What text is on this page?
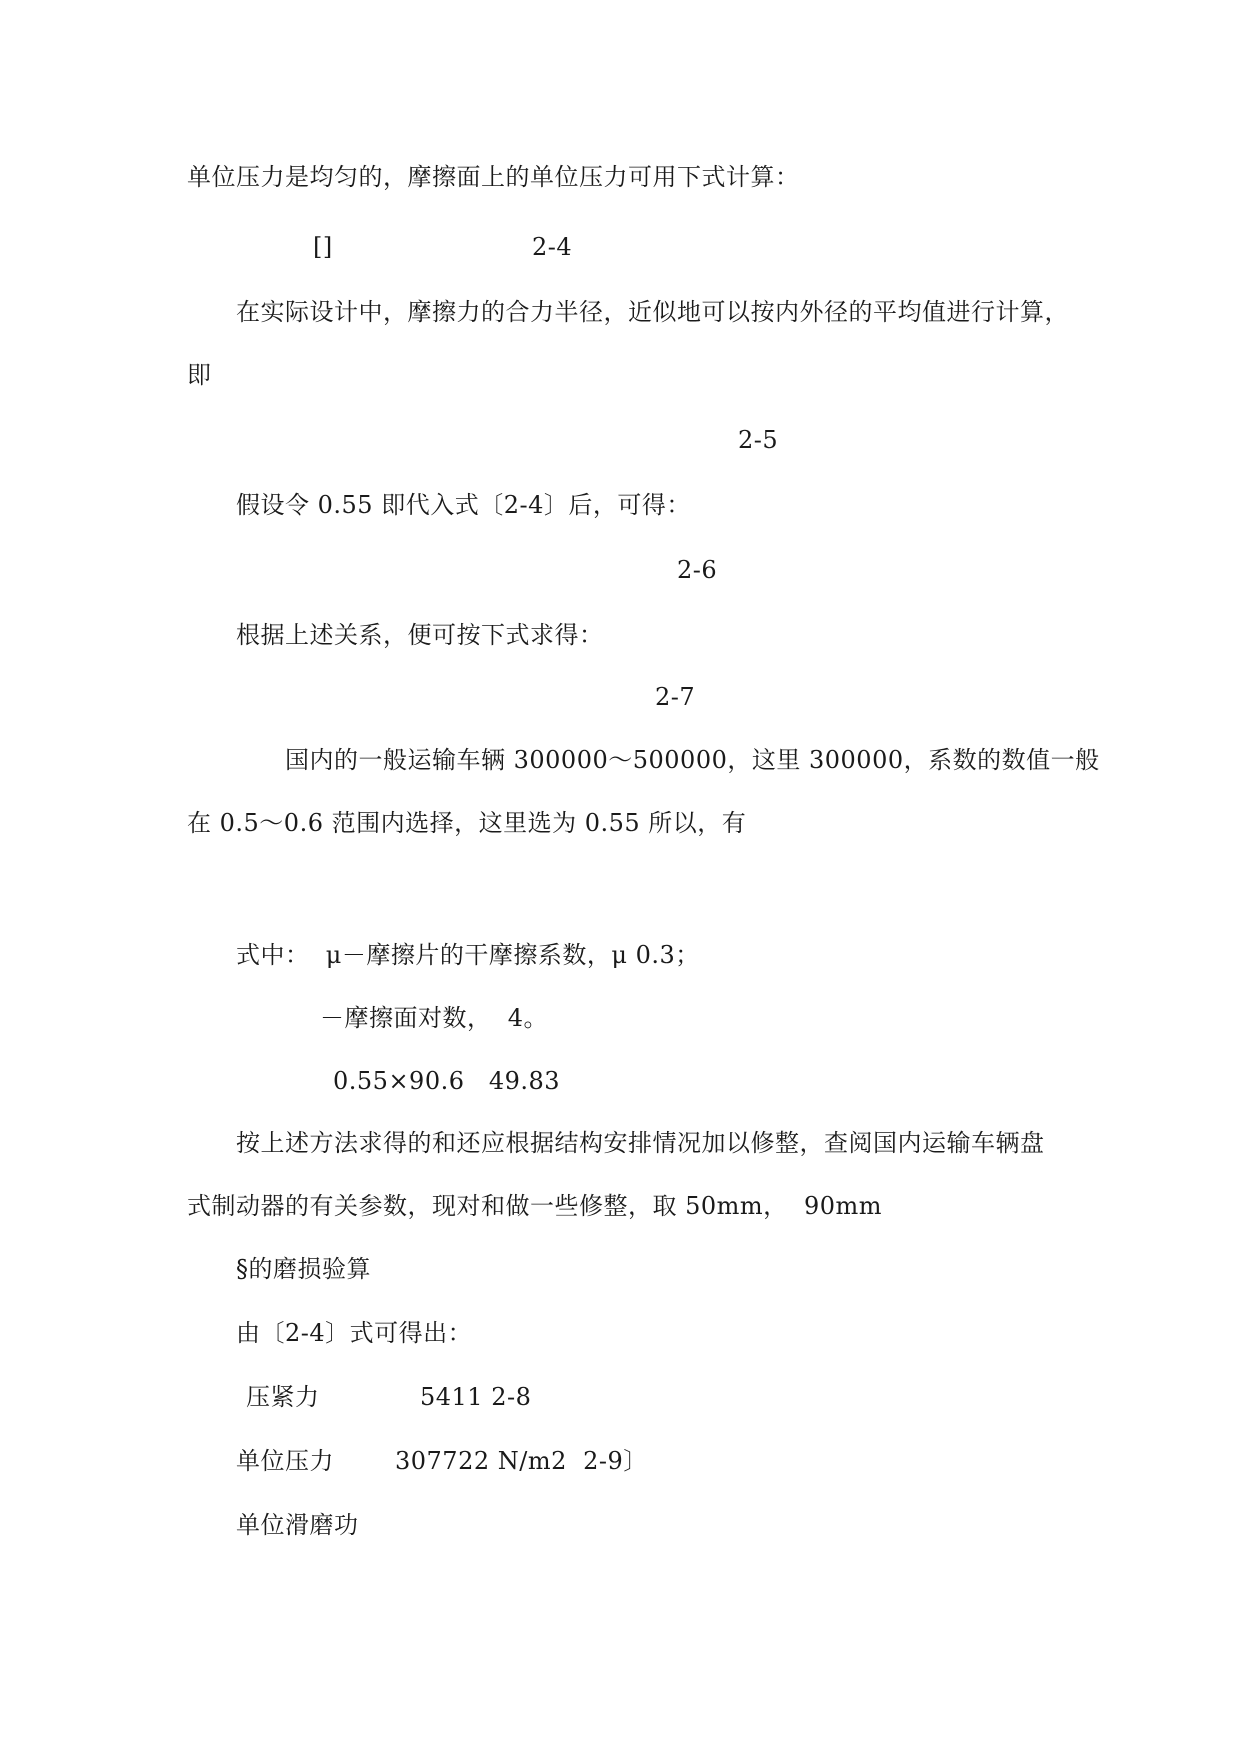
单位压力是均匀的，摩擦面上的单位压力可用下式计算：
[]	2-4
在实际设计中，摩擦力的合力半径，近似地可以按内外径的平均值进行计算，
即
2-5
假设令 0.55 即代入式〔2-4〕后，可得：
2-6
根据上述关系，便可按下式求得：
2-7
国内的一般运输车辆 300000～500000，这里 300000，系数的数值一般
在 0.5～0.6 范围内选择，这里选为 0.55 所以，有
式中：  μ－摩擦片的干摩擦系数，μ 0.3；
－摩擦面对数，  4。
0.55×90.6   49.83
按上述方法求得的和还应根据结构安排情况加以修整，查阅国内运输车辆盘
式制动器的有关参数，现对和做一些修整，取 50mm，  90mm
§的磨损验算
由〔2-4〕式可得出：
压紧力	5411 2-8
单位压力	307722 N/m2  2-9〕
单位滑磨功
